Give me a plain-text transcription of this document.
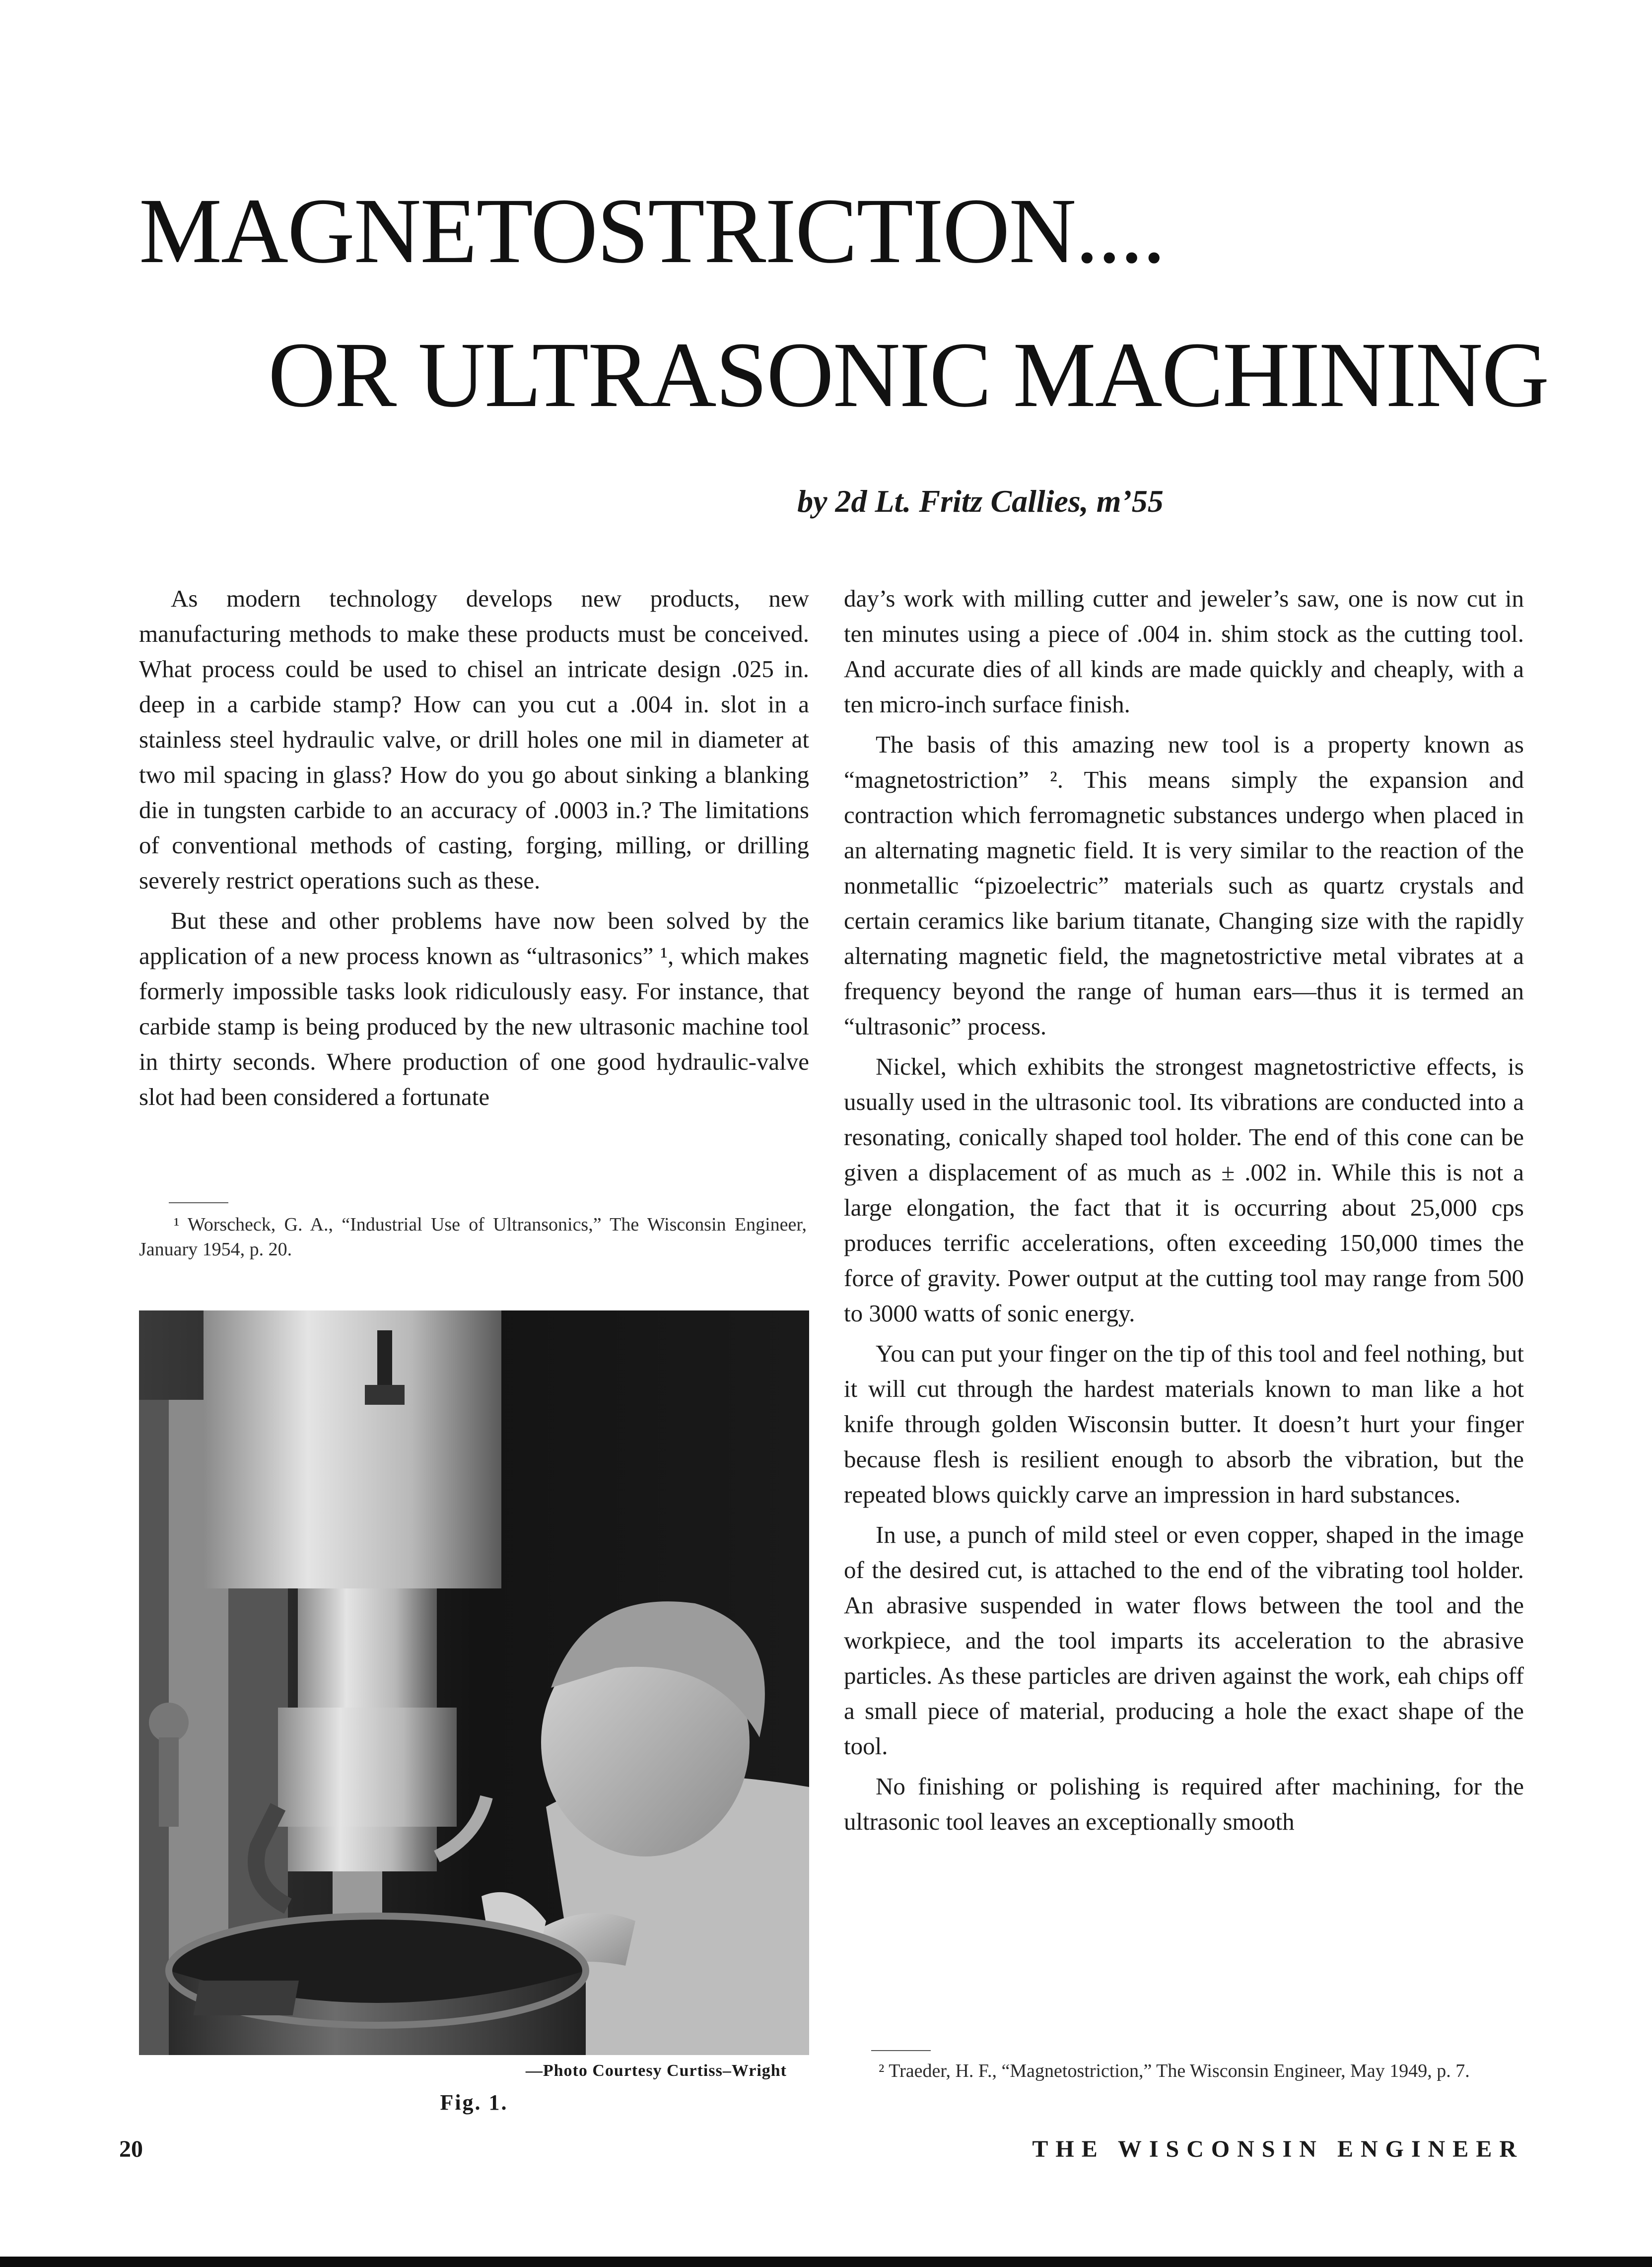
MAGNETOSTRICTION....
OR ULTRASONIC MACHINING
by 2d Lt. Fritz Callies, m’55

As modern technology develops new products, new manufacturing methods to make these products must be conceived. What process could be used to chisel an intricate design .025 in. deep in a carbide stamp? How can you cut a .004 in. slot in a stainless steel hydraulic valve, or drill holes one mil in diameter at two mil spacing in glass? How do you go about sinking a blanking die in tungsten carbide to an accuracy of .0003 in.? The limitations of conventional methods of casting, forging, milling, or drilling severely restrict operations such as these.

But these and other problems have now been solved by the application of a new process known as “ultrasonics” ¹, which makes formerly impossible tasks look ridiculously easy. For instance, that carbide stamp is being produced by the new ultrasonic machine tool in thirty seconds. Where production of one good hydraulic-valve slot had been considered a fortunate

¹ Worscheck, G. A., “Industrial Use of Ultransonics,” The Wisconsin Engineer, January 1954, p. 20.
—Photo Courtesy Curtiss–Wright
Fig. 1.

day’s work with milling cutter and jeweler’s saw, one is now cut in ten minutes using a piece of .004 in. shim stock as the cutting tool. And accurate dies of all kinds are made quickly and cheaply, with a ten micro-inch surface finish.

The basis of this amazing new tool is a property known as “magnetostriction” ². This means simply the expansion and contraction which ferromagnetic substances undergo when placed in an alternating magnetic field. It is very similar to the reaction of the nonmetallic “pizoelectric” materials such as quartz crystals and certain ceramics like barium titanate, Changing size with the rapidly alternating magnetic field, the magnetostrictive metal vibrates at a frequency beyond the range of human ears—thus it is termed an “ultrasonic” process.

Nickel, which exhibits the strongest magnetostrictive effects, is usually used in the ultrasonic tool. Its vibrations are conducted into a resonating, conically shaped tool holder. The end of this cone can be given a displacement of as much as ± .002 in. While this is not a large elongation, the fact that it is occurring about 25,000 cps produces terrific accelerations, often exceeding 150,000 times the force of gravity. Power output at the cutting tool may range from 500 to 3000 watts of sonic energy.

You can put your finger on the tip of this tool and feel nothing, but it will cut through the hardest materials known to man like a hot knife through golden Wisconsin butter. It doesn’t hurt your finger because flesh is resilient enough to absorb the vibration, but the repeated blows quickly carve an impression in hard substances.

In use, a punch of mild steel or even copper, shaped in the image of the desired cut, is attached to the end of the vibrating tool holder. An abrasive suspended in water flows between the tool and the workpiece, and the tool imparts its acceleration to the abrasive particles. As these particles are driven against the work, eah chips off a small piece of material, producing a hole the exact shape of the tool.

No finishing or polishing is required after machining, for the ultrasonic tool leaves an exceptionally smooth

² Traeder, H. F., “Magnetostriction,” The Wisconsin Engineer, May 1949, p. 7.
20	THE WISCONSIN ENGINEER
